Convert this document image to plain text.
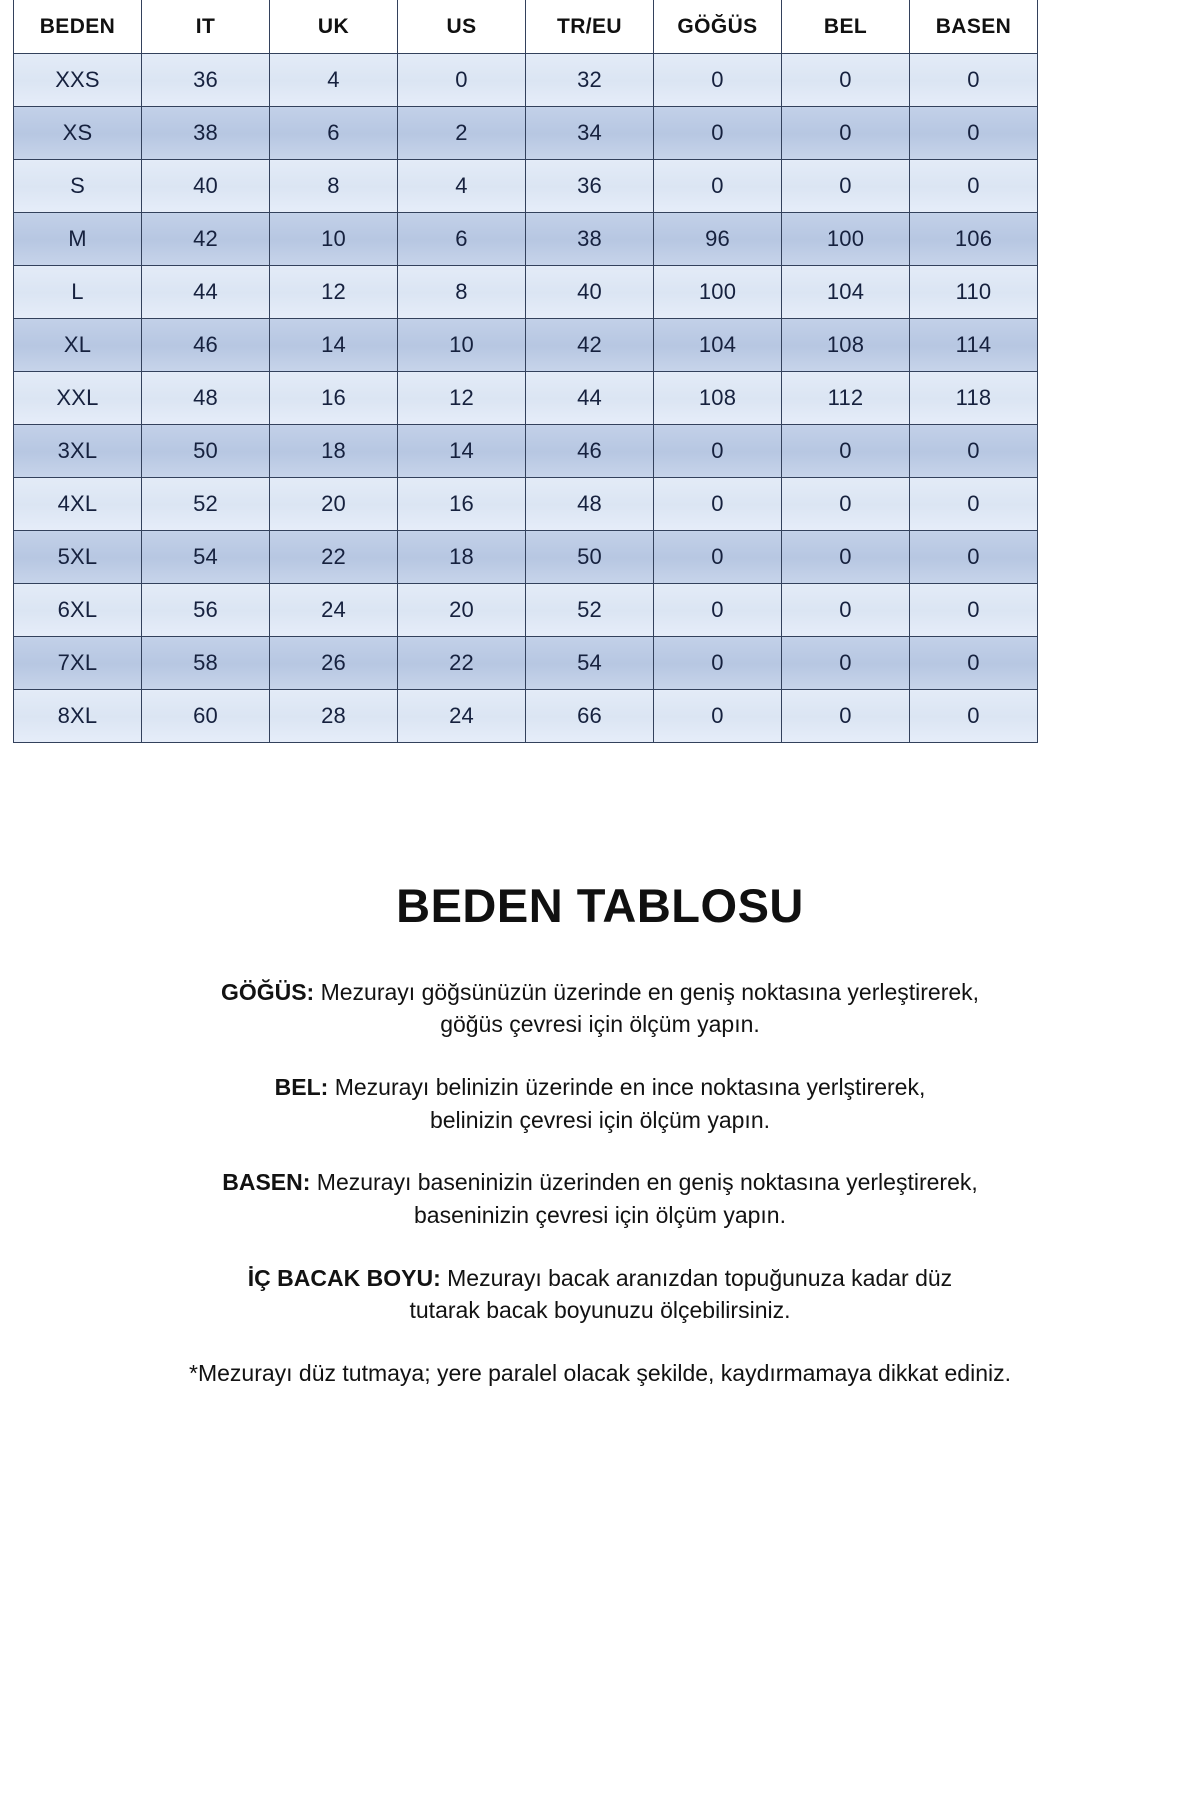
BEDEN	IT	UK	US	TR/EU	GÖĞÜS	BEL	BASEN
XXS	36	4	0	32	0	0	0
XS	38	6	2	34	0	0	0
S	40	8	4	36	0	0	0
M	42	10	6	38	96	100	106
L	44	12	8	40	100	104	110
XL	46	14	10	42	104	108	114
XXL	48	16	12	44	108	112	118
3XL	50	18	14	46	0	0	0
4XL	52	20	16	48	0	0	0
5XL	54	22	18	50	0	0	0
6XL	56	24	20	52	0	0	0
7XL	58	26	22	54	0	0	0
8XL	60	28	24	66	0	0	0
BEDEN TABLOSU

GÖĞÜS: Mezurayı göğsünüzün üzerinde en geniş noktasına yerleştirerek,
göğüs çevresi için ölçüm yapın.

BEL: Mezurayı belinizin üzerinde en ince noktasına yerlştirerek,
belinizin çevresi için ölçüm yapın.

BASEN: Mezurayı baseninizin üzerinden en geniş noktasına yerleştirerek,
baseninizin çevresi için ölçüm yapın.

İÇ BACAK BOYU: Mezurayı bacak aranızdan topuğunuza kadar düz
tutarak bacak boyunuzu ölçebilirsiniz.

*Mezurayı düz tutmaya; yere paralel olacak şekilde, kaydırmamaya dikkat ediniz.
